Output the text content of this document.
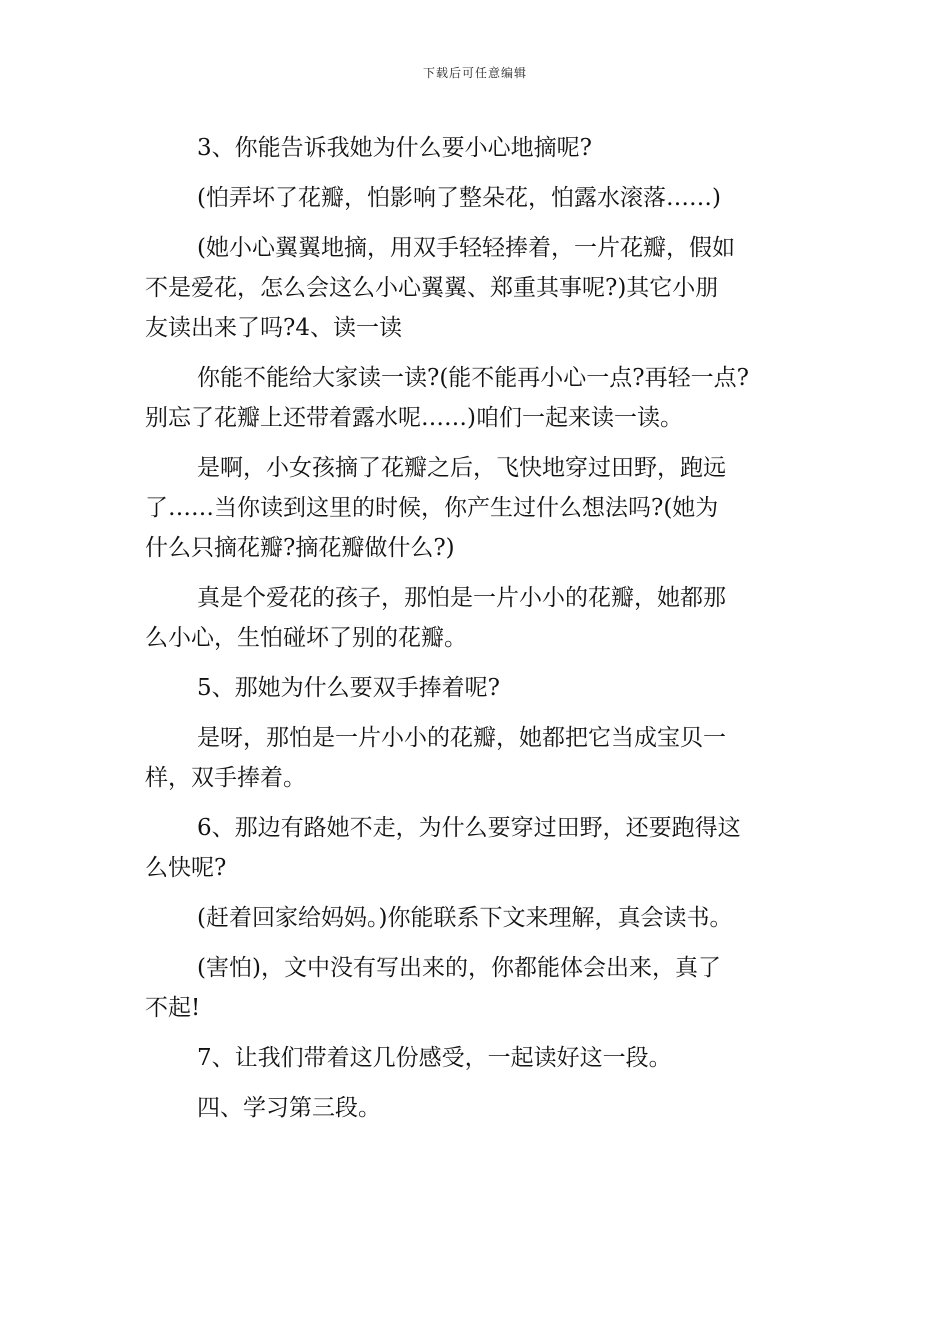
下载后可任意编辑

3、你能告诉我她为什么要小心地摘呢?

(怕弄坏了花瓣，怕影响了整朵花，怕露水滚落……)

(她小心翼翼地摘，用双手轻轻捧着，一片花瓣，假如
不是爱花，怎么会这么小心翼翼、郑重其事呢?)其它小朋
友读出来了吗?4、读一读

你能不能给大家读一读?(能不能再小心一点?再轻一点?
别忘了花瓣上还带着露水呢……)咱们一起来读一读。

是啊，小女孩摘了花瓣之后，飞快地穿过田野，跑远
了……当你读到这里的时候，你产生过什么想法吗?(她为
什么只摘花瓣?摘花瓣做什么?)

真是个爱花的孩子，那怕是一片小小的花瓣，她都那
么小心，生怕碰坏了别的花瓣。

5、那她为什么要双手捧着呢?

是呀，那怕是一片小小的花瓣，她都把它当成宝贝一
样，双手捧着。

6、那边有路她不走，为什么要穿过田野，还要跑得这
么快呢?

(赶着回家给妈妈。)你能联系下文来理解，真会读书。

(害怕)，文中没有写出来的，你都能体会出来，真了
不起!

7、让我们带着这几份感受，一起读好这一段。

四、学习第三段。
